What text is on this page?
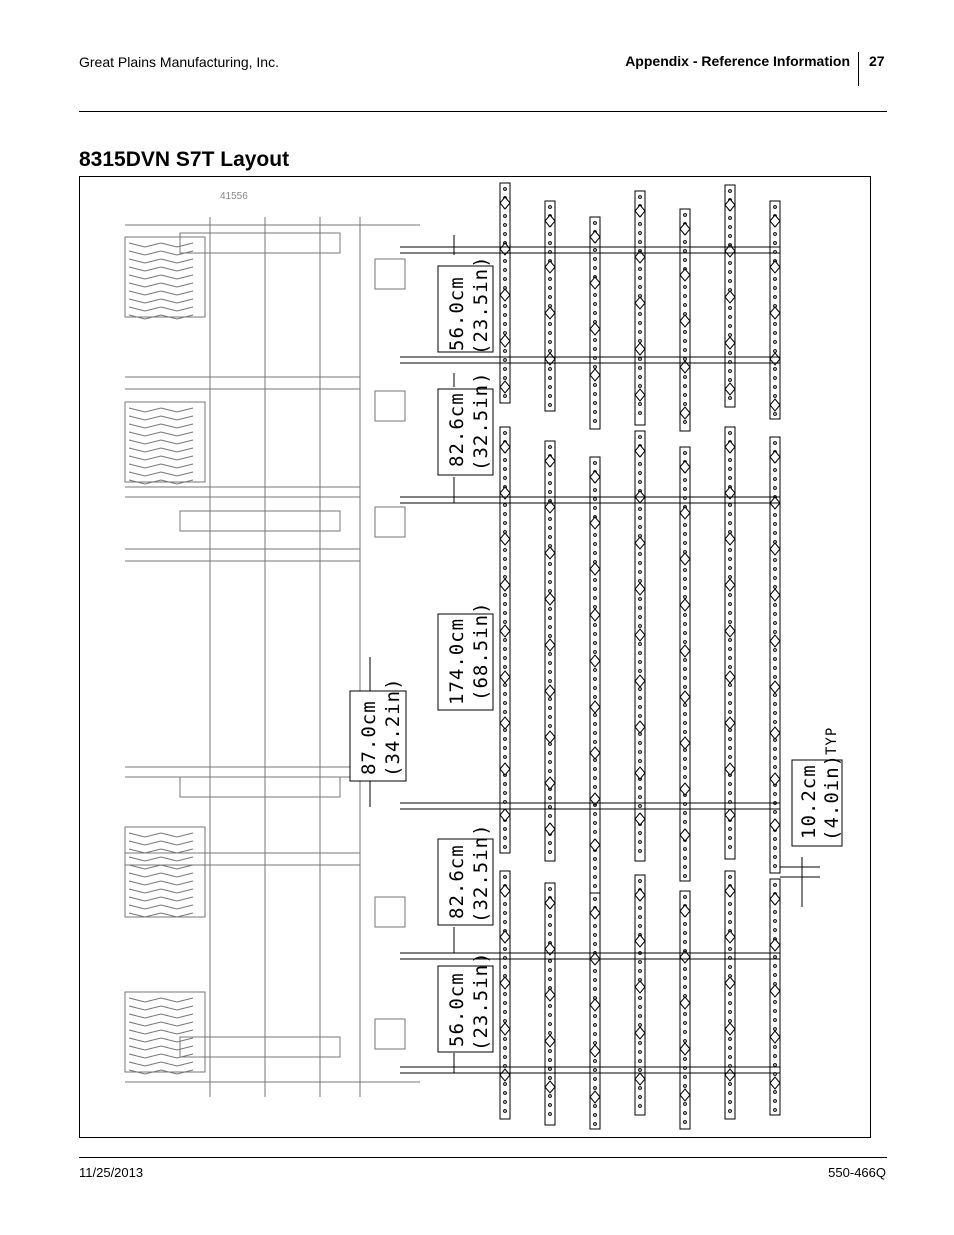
Great Plains Manufacturing, Inc.	Appendix - Reference Information 27
8315DVN S7T Layout
41556
56.0cm (23.5in)
82.6cm (32.5in)
174.0cm (68.5in)
87.0cm (34.2in)
82.6cm (32.5in)
56.0cm (23.5in)
10.2cm (4.0in)
TYP
11/25/2013	550-466Q
